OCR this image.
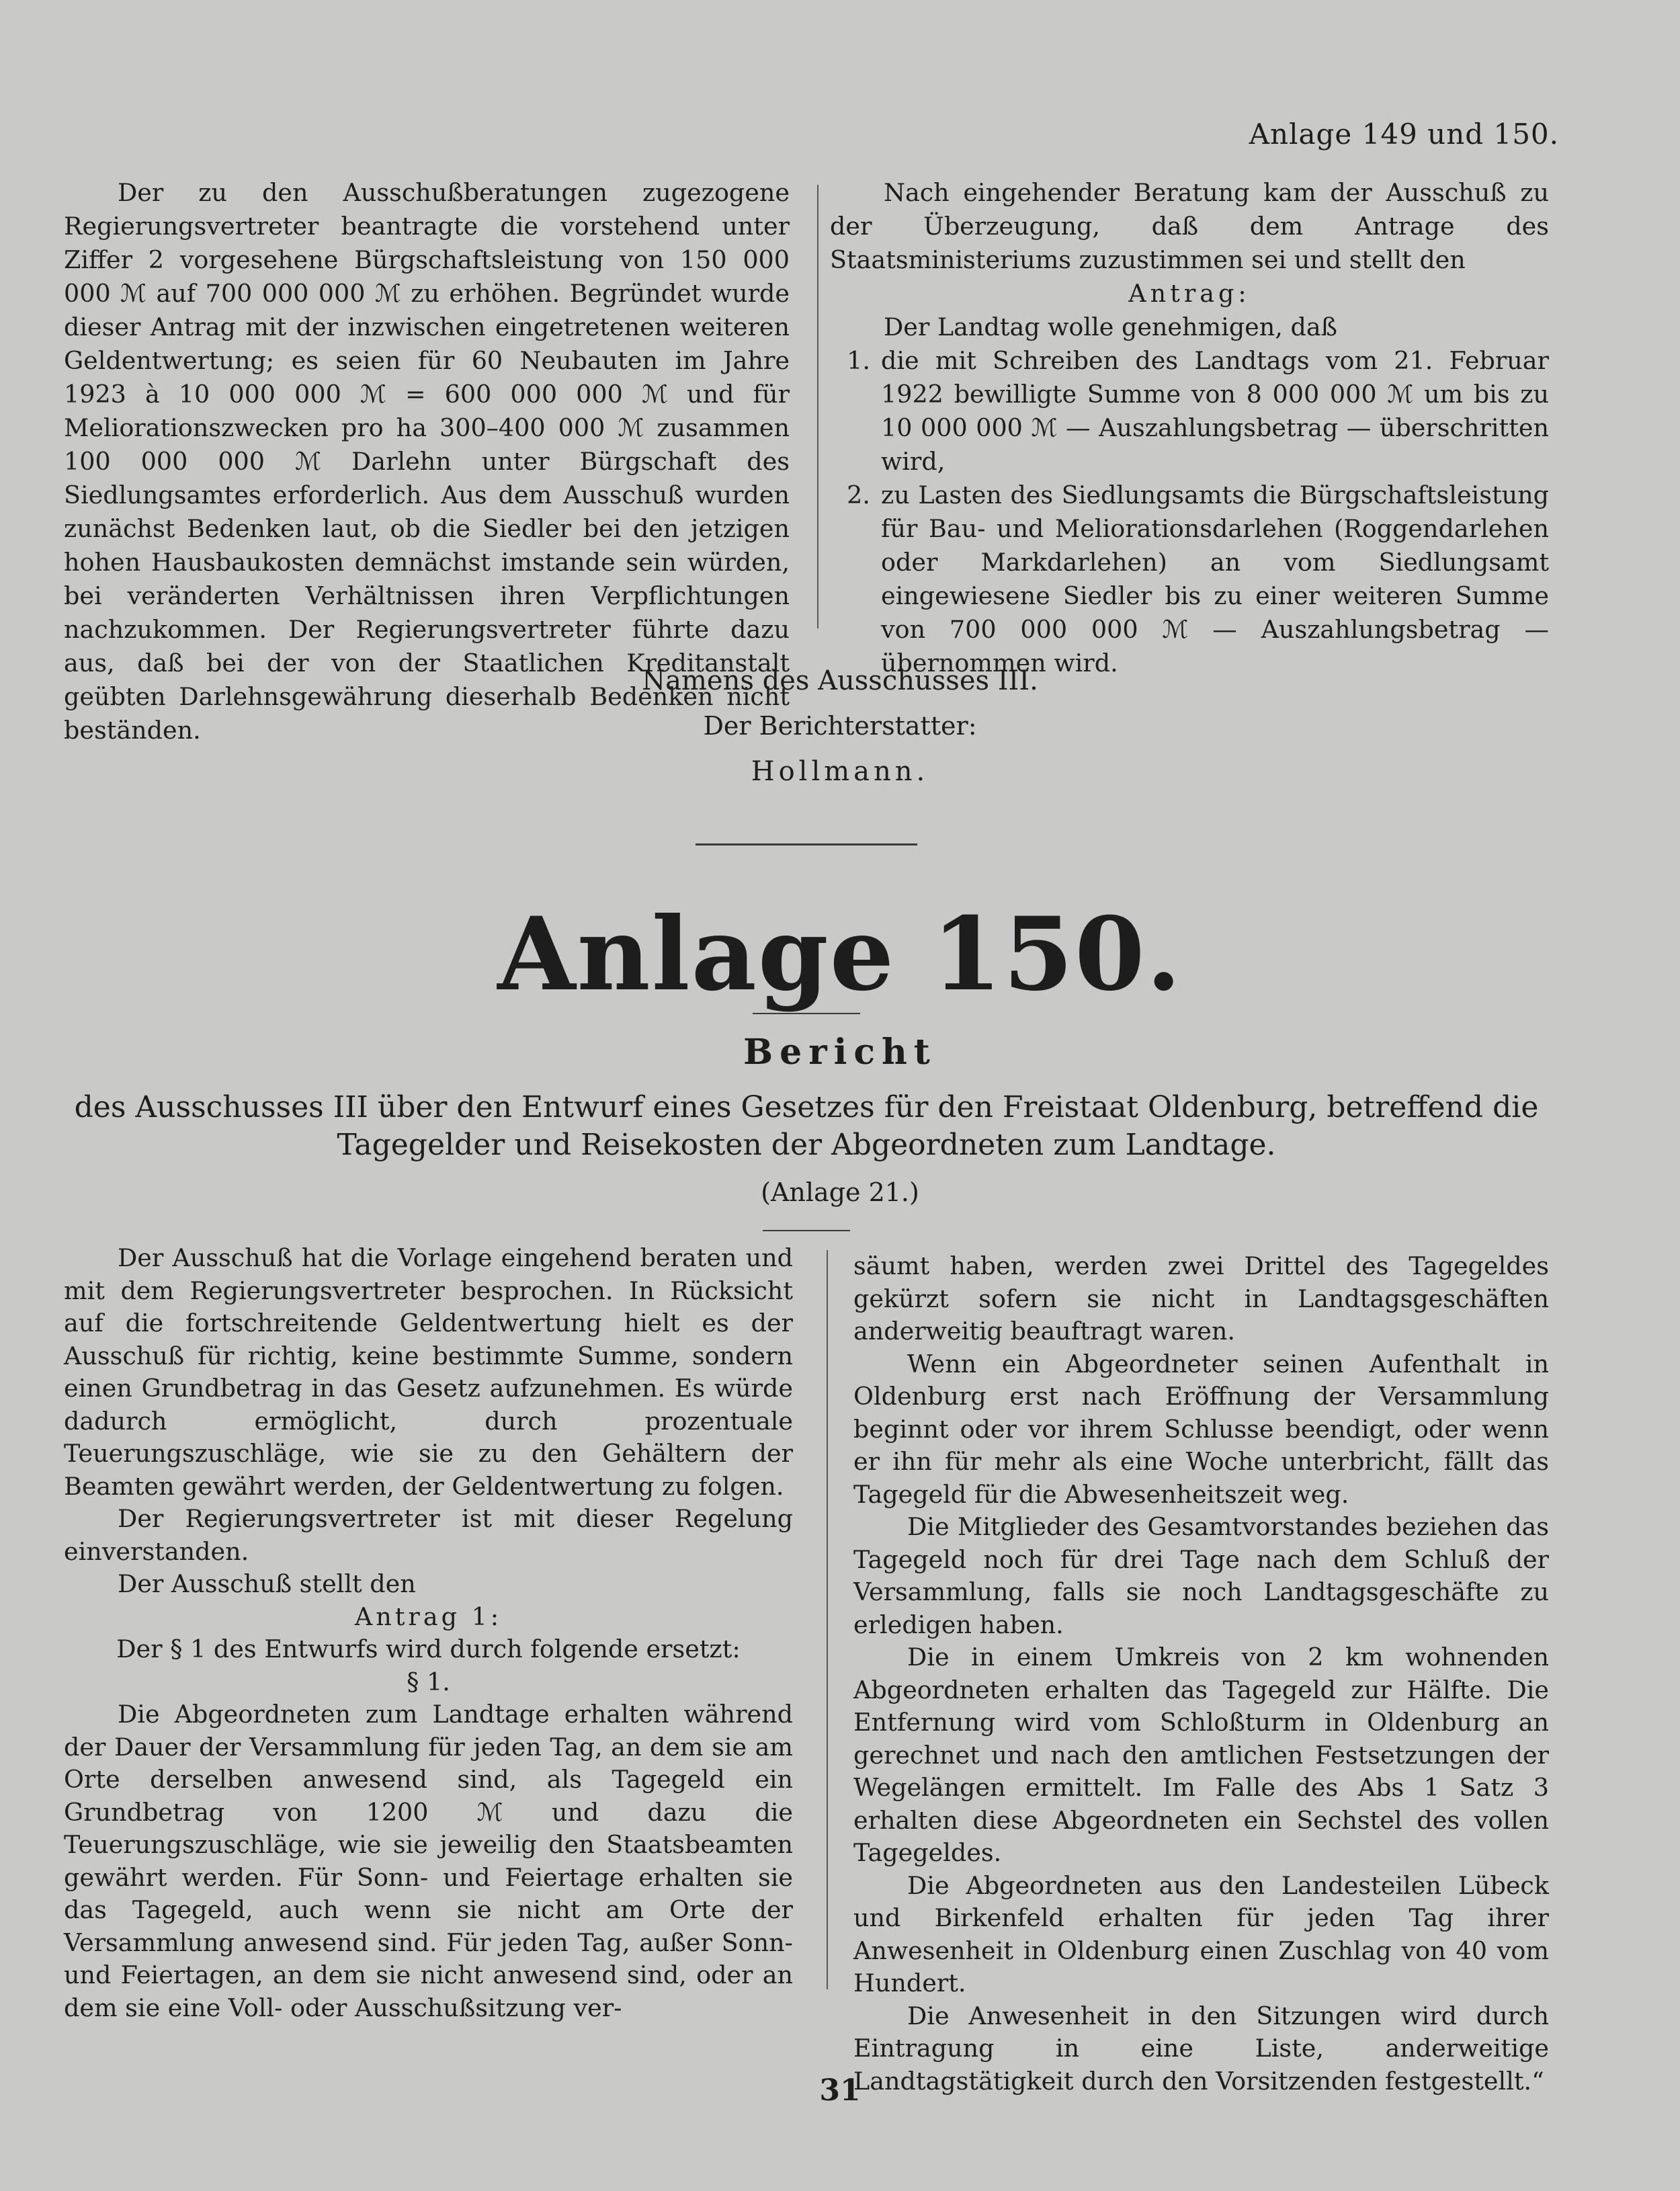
Anlage 149 und 150.

Der zu den Ausschußberatungen zugezogene Regierungsvertreter beantragte die vorstehend unter Ziffer 2 vorgesehene Bürgschaftsleistung von 150 000 000 ℳ auf 700 000 000 ℳ zu erhöhen. Begründet wurde dieser Antrag mit der inzwischen eingetretenen weiteren Geldentwertung; es seien für 60 Neubauten im Jahre 1923 à 10 000 000 ℳ = 600 000 000 ℳ und für Meliorationszwecken pro ha 300–400 000 ℳ zusammen 100 000 000 ℳ Darlehn unter Bürgschaft des Siedlungsamtes erforderlich. Aus dem Ausschuß wurden zunächst Bedenken laut, ob die Siedler bei den jetzigen hohen Hausbaukosten demnächst imstande sein würden, bei veränderten Verhältnissen ihren Verpflichtungen nachzukommen. Der Regierungsvertreter führte dazu aus, daß bei der von der Staatlichen Kreditanstalt geübten Darlehnsgewährung dieserhalb Bedenken nicht beständen.

Nach eingehender Beratung kam der Ausschuß zu der Überzeugung, daß dem Antrage des Staatsministeriums zuzustimmen sei und stellt den

Antrag:

Der Landtag wolle genehmigen, daß

1. die mit Schreiben des Landtags vom 21. Februar 1922 bewilligte Summe von 8 000 000 ℳ um bis zu 10 000 000 ℳ — Auszahlungsbetrag — überschritten wird,
2. zu Lasten des Siedlungsamts die Bürgschaftsleistung für Bau- und Meliorationsdarlehen (Roggendarlehen oder Markdarlehen) an vom Siedlungsamt eingewiesene Siedler bis zu einer weiteren Summe von 700 000 000 ℳ — Auszahlungsbetrag — übernommen wird.
Namens des Ausschusses III.
Der Berichterstatter:
Hollmann.
Anlage 150.
Bericht
des Ausschusses III über den Entwurf eines Gesetzes für den Freistaat Oldenburg, betreffend die Tagegelder und Reisekosten der Abgeordneten zum Landtage.
(Anlage 21.)

Der Ausschuß hat die Vorlage eingehend beraten und mit dem Regierungsvertreter besprochen. In Rücksicht auf die fortschreitende Geldentwertung hielt es der Ausschuß für richtig, keine bestimmte Summe, sondern einen Grundbetrag in das Gesetz aufzunehmen. Es würde dadurch ermöglicht, durch prozentuale Teuerungszuschläge, wie sie zu den Gehältern der Beamten gewährt werden, der Geldentwertung zu folgen.

Der Regierungsvertreter ist mit dieser Regelung einverstanden.

Der Ausschuß stellt den

Antrag 1:

Der § 1 des Entwurfs wird durch folgende ersetzt:

§ 1.

Die Abgeordneten zum Landtage erhalten während der Dauer der Versammlung für jeden Tag, an dem sie am Orte derselben anwesend sind, als Tagegeld ein Grundbetrag von 1200 ℳ und dazu die Teuerungszuschläge, wie sie jeweilig den Staatsbeamten gewährt werden. Für Sonn- und Feiertage erhalten sie das Tagegeld, auch wenn sie nicht am Orte der Versammlung anwesend sind. Für jeden Tag, außer Sonn- und Feiertagen, an dem sie nicht anwesend sind, oder an dem sie eine Voll- oder Ausschußsitzung ver-

säumt haben, werden zwei Drittel des Tagegeldes gekürzt sofern sie nicht in Landtagsgeschäften anderweitig beauftragt waren.

Wenn ein Abgeordneter seinen Aufenthalt in Oldenburg erst nach Eröffnung der Versammlung beginnt oder vor ihrem Schlusse beendigt, oder wenn er ihn für mehr als eine Woche unterbricht, fällt das Tagegeld für die Abwesenheitszeit weg.

Die Mitglieder des Gesamtvorstandes beziehen das Tagegeld noch für drei Tage nach dem Schluß der Versammlung, falls sie noch Landtagsgeschäfte zu erledigen haben.

Die in einem Umkreis von 2 km wohnenden Abgeordneten erhalten das Tagegeld zur Hälfte. Die Entfernung wird vom Schloßturm in Oldenburg an gerechnet und nach den amtlichen Festsetzungen der Wegelängen ermittelt. Im Falle des Abs 1 Satz 3 erhalten diese Abgeordneten ein Sechstel des vollen Tagegeldes.

Die Abgeordneten aus den Landesteilen Lübeck und Birkenfeld erhalten für jeden Tag ihrer Anwesenheit in Oldenburg einen Zuschlag von 40 vom Hundert.

Die Anwesenheit in den Sitzungen wird durch Eintragung in eine Liste, anderweitige Landtagstätigkeit durch den Vorsitzenden festgestellt.“

31
